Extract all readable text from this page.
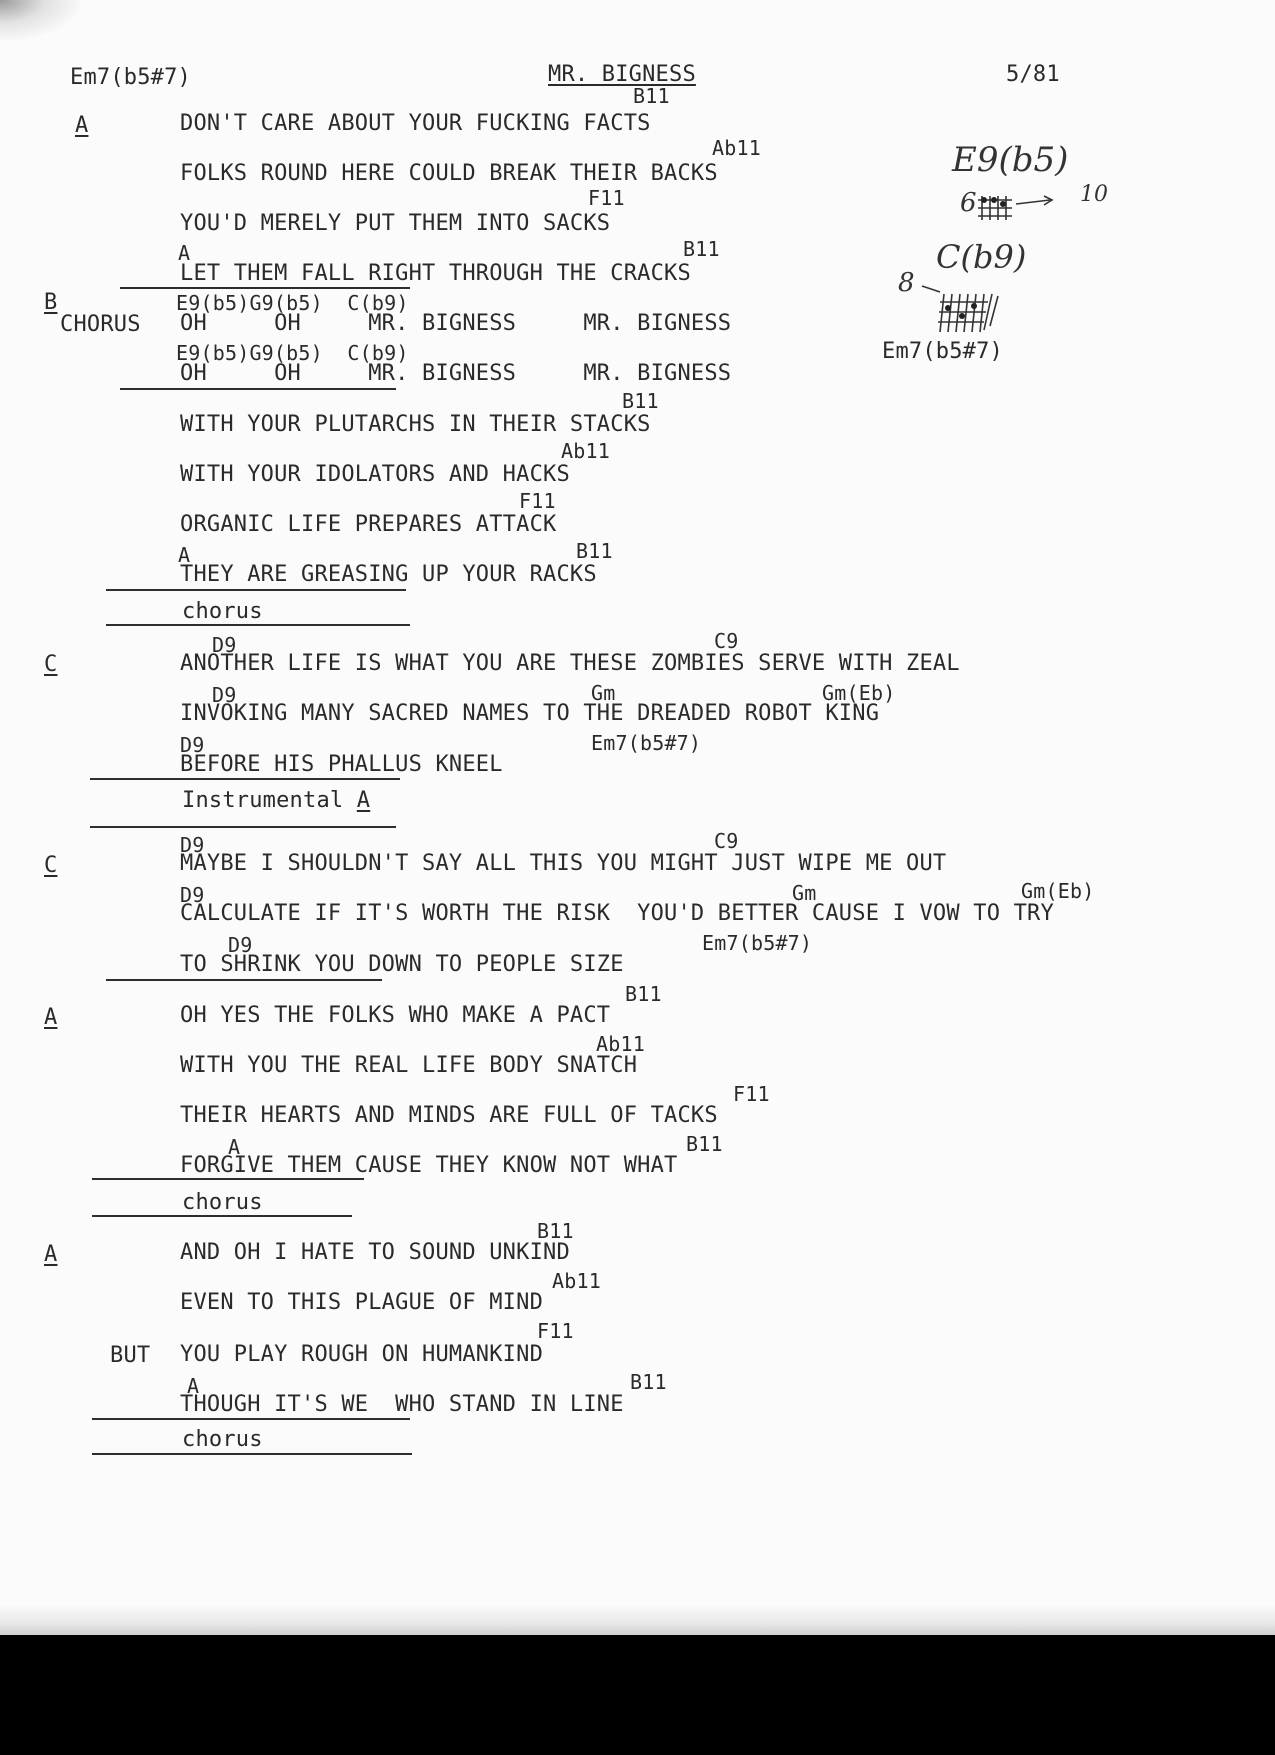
Em7(b5#7)	MR. BIGNESS	5/81
A
B11
DON'T CARE ABOUT YOUR FUCKING FACTS
Ab11
FOLKS ROUND HERE COULD BREAK THEIR BACKS
F11
YOU'D MERELY PUT THEM INTO SACKS
A	B11
LET THEM FALL RIGHT THROUGH THE CRACKS
B
CHORUS
E9(b5)G9(b5)  C(b9)
OH     OH     MR. BIGNESS     MR. BIGNESS
E9(b5)G9(b5)  C(b9)
OH     OH     MR. BIGNESS     MR. BIGNESS
B11
WITH YOUR PLUTARCHS IN THEIR STACKS
Ab11
WITH YOUR IDOLATORS AND HACKS
F11
ORGANIC LIFE PREPARES ATTACK
A	B11
THEY ARE GREASING UP YOUR RACKS
chorus
C
D9	C9
ANOTHER LIFE IS WHAT YOU ARE THESE ZOMBIES SERVE WITH ZEAL
D9	Gm	Gm(Eb)
INVOKING MANY SACRED NAMES TO THE DREADED ROBOT KING
D9	Em7(b5#7)
BEFORE HIS PHALLUS KNEEL
Instrumental A
C
D9	C9
MAYBE I SHOULDN'T SAY ALL THIS YOU MIGHT JUST WIPE ME OUT
D9	Gm	Gm(Eb)
CALCULATE IF IT'S WORTH THE RISK  YOU'D BETTER CAUSE I VOW TO TRY
D9	Em7(b5#7)
TO SHRINK YOU DOWN TO PEOPLE SIZE
A
B11
OH YES THE FOLKS WHO MAKE A PACT
Ab11
WITH YOU THE REAL LIFE BODY SNATCH
F11
THEIR HEARTS AND MINDS ARE FULL OF TACKS
A	B11
FORGIVE THEM CAUSE THEY KNOW NOT WHAT
chorus
A
B11
AND OH I HATE TO SOUND UNKIND
Ab11
EVEN TO THIS PLAGUE OF MIND
F11
BUT YOU PLAY ROUGH ON HUMANKIND
A	B11
THOUGH IT'S WE  WHO STAND IN LINE
chorus
E9(b5)
6	10
C(b9)
8
Em7(b5#7)
